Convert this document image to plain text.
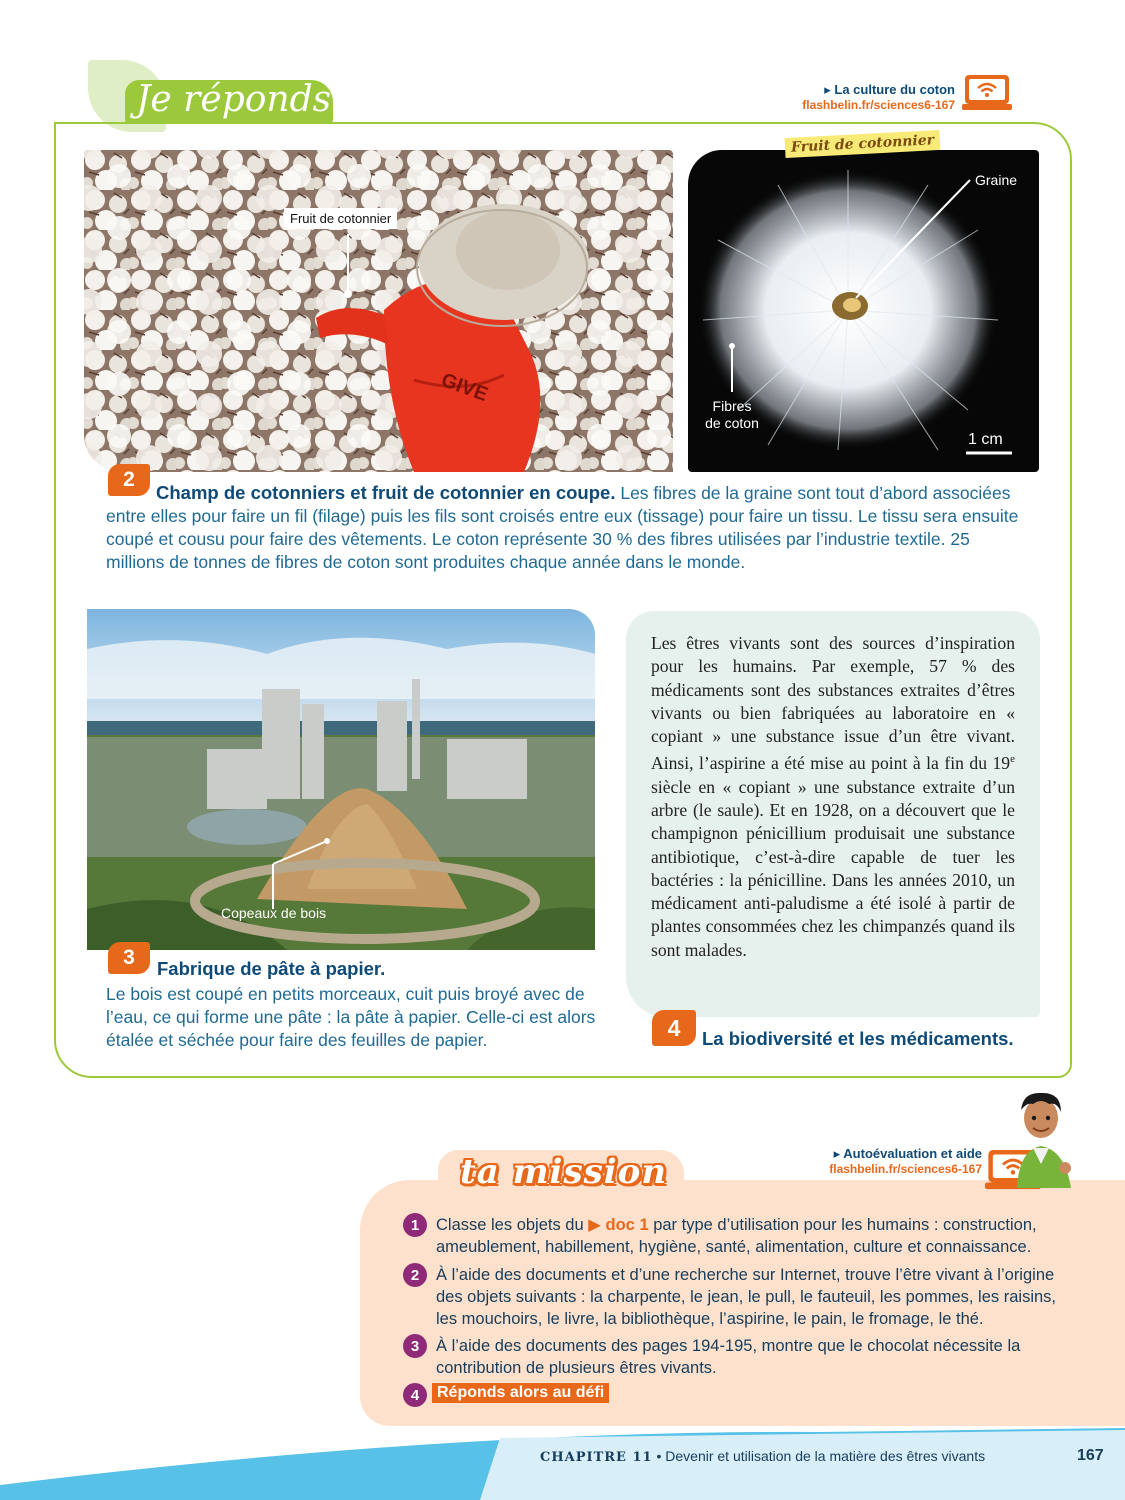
Je réponds	▸ La culture du coton
flashbelin.fr/sciences6-167
GIVE
Fruit de cotonnier
Graine
Fibres de coton
1 cm
Fruit de cotonnier
2
Champ de cotonniers et fruit de cotonnier en coupe. Les fibres de la graine sont tout d’abord associées entre elles pour faire un fil (filage) puis les fils sont croisés entre eux (tissage) pour faire un tissu. Le tissu sera ensuite coupé et cousu pour faire des vêtements. Le coton représente 30 % des fibres utilisées par l’industrie textile. 25 millions de tonnes de fibres de coton sont produites chaque année dans le monde.
Copeaux de bois
3	Fabrique de pâte à papier.
Le bois est coupé en petits morceaux, cuit puis broyé avec de l’eau, ce qui forme une pâte : la pâte à papier. Celle-ci est alors étalée et séchée pour faire des feuilles de papier.
Les êtres vivants sont des sources d’inspiration pour les humains. Par exemple, 57 % des médicaments sont des substances extraites d’êtres vivants ou bien fabriquées au laboratoire en « copiant » une substance issue d’un être vivant. Ainsi, l’aspirine a été mise au point à la fin du 19e siècle en « copiant » une substance extraite d’un arbre (le saule). Et en 1928, on a découvert que le champignon pénicillium produisait une substance antibiotique, c’est-à-dire capable de tuer les bactéries : la pénicilline. Dans les années 2010, un médicament anti-paludisme a été isolé à partir de plantes consommées chez les chimpanzés quand ils sont malades.
4	La biodiversité et les médicaments.
ta mission	▸ Autoévaluation et aide
flashbelin.fr/sciences6-167
1	Classe les objets du ▶ doc 1 par type d’utilisation pour les humains : construction, ameublement, habillement, hygiène, santé, alimentation, culture et connaissance.
2	À l’aide des documents et d’une recherche sur Internet, trouve l’être vivant à l’origine des objets suivants : la charpente, le jean, le pull, le fauteuil, les pommes, les raisins, les mouchoirs, le livre, la bibliothèque, l’aspirine, le pain, le fromage, le thé.
3	À l’aide des documents des pages 194-195, montre que le chocolat nécessite la contribution de plusieurs êtres vivants.
4	Réponds alors au défi
CHAPITRE 11 • Devenir et utilisation de la matière des êtres vivants	167
